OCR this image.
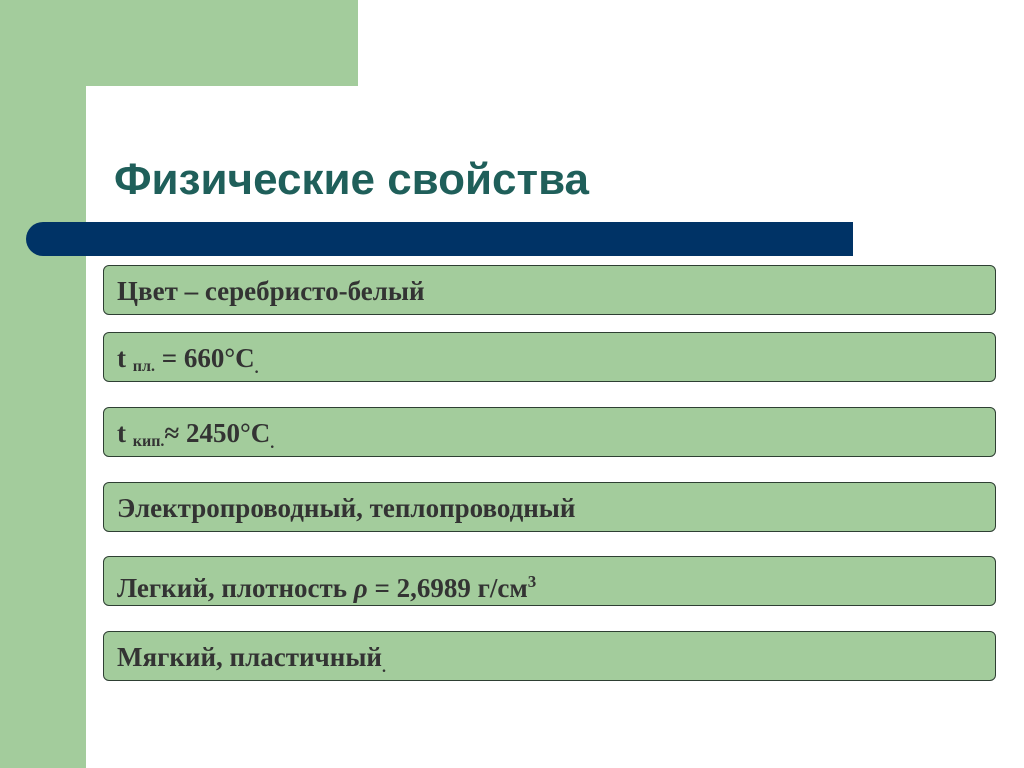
Физические свойства
Цвет – серебристо-белый
t $_{пл.} = 660^\circ С_.$
t $_{кип.}\approx 2450^\circ С_.$
Электропроводный, теплопроводный
Легкий, плотность ρ = 2,6989 $г/см^3$
Мягкий, пластичный$_.$
